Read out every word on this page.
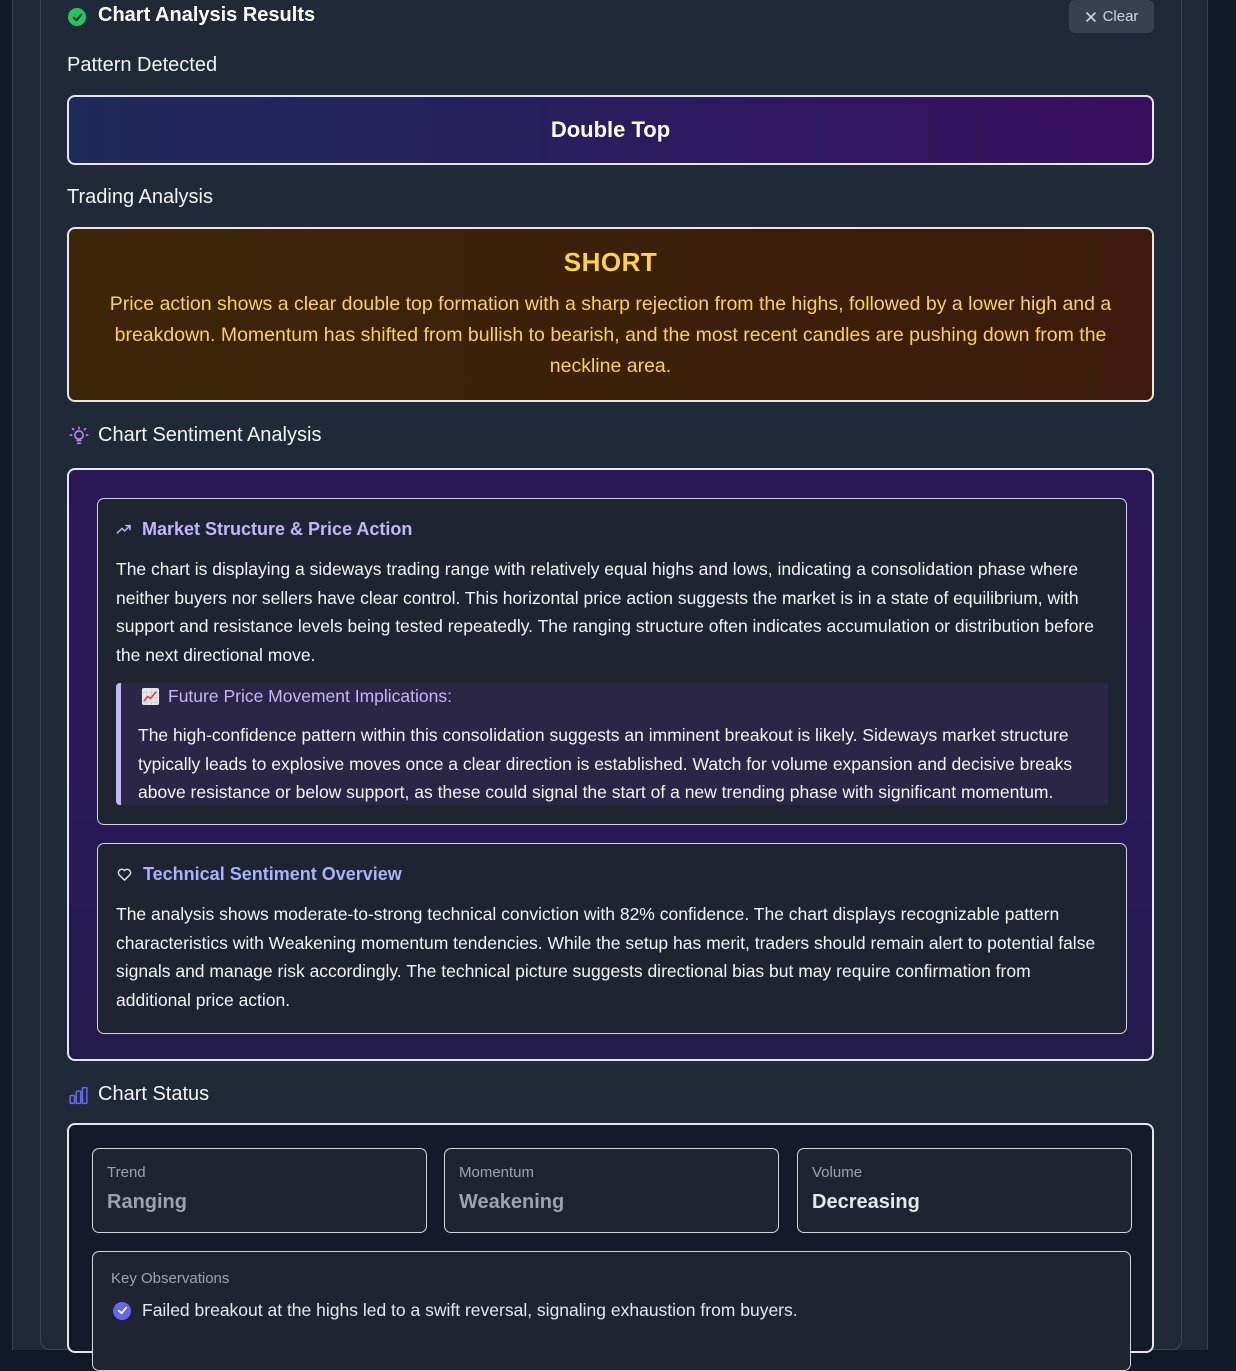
Chart Analysis Results	Clear
Pattern Detected
Double Top
Trading Analysis
SHORT
Price action shows a clear double top formation with a sharp rejection from the highs, followed by a lower high and a breakdown. Momentum has shifted from bullish to bearish, and the most recent candles are pushing down from the neckline area.
Chart Sentiment Analysis
Market Structure & Price Action
The chart is displaying a sideways trading range with relatively equal highs and lows, indicating a consolidation phase where neither buyers nor sellers have clear control. This horizontal price action suggests the market is in a state of equilibrium, with support and resistance levels being tested repeatedly. The ranging structure often indicates accumulation or distribution before the next directional move.
Future Price Movement Implications:
The high-confidence pattern within this consolidation suggests an imminent breakout is likely. Sideways market structure typically leads to explosive moves once a clear direction is established. Watch for volume expansion and decisive breaks above resistance or below support, as these could signal the start of a new trending phase with significant momentum.
Technical Sentiment Overview
The analysis shows moderate-to-strong technical conviction with 82% confidence. The chart displays recognizable pattern characteristics with Weakening momentum tendencies. While the setup has merit, traders should remain alert to potential false signals and manage risk accordingly. The technical picture suggests directional bias but may require confirmation from additional price action.
Chart Status
Trend
Ranging
Momentum
Weakening
Volume
Decreasing
Key Observations
Failed breakout at the highs led to a swift reversal, signaling exhaustion from buyers.
